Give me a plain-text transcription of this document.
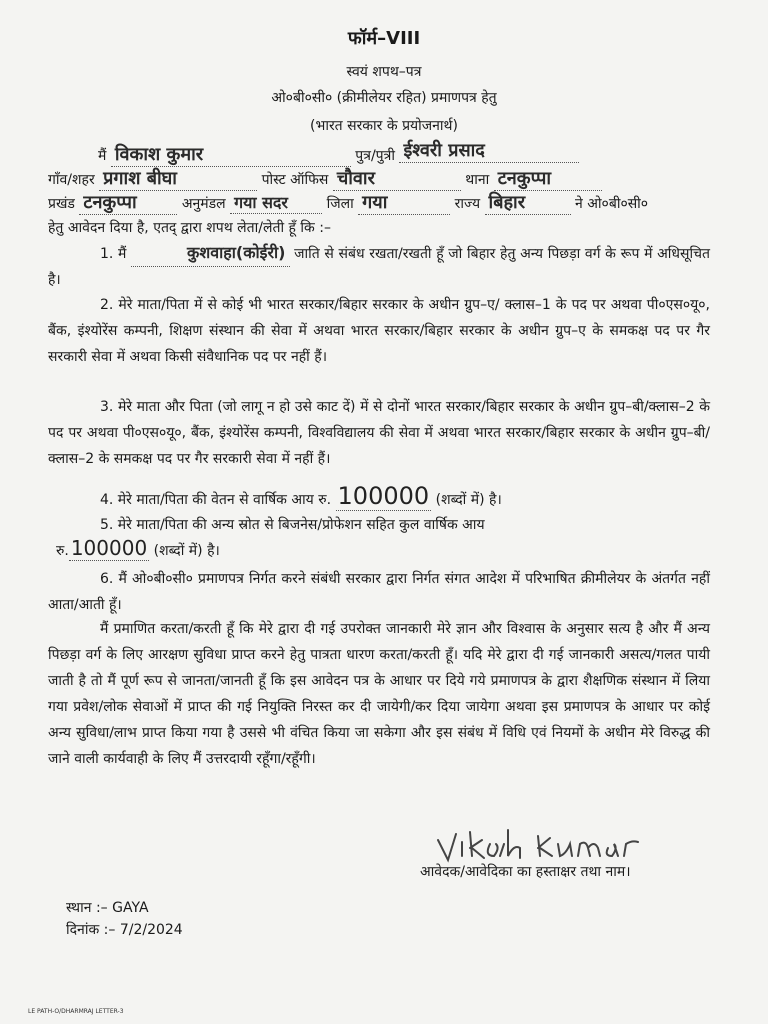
फॉर्म–VIII
स्वयं शपथ–पत्र
ओ०बी०सी० (क्रीमीलेयर रहित) प्रमाणपत्र हेतु
(भारत सरकार के प्रयोजनार्थ)
मैं विकाश कुमार	पुत्र/पुत्री ईश्वरी प्रसाद
गाँव/शहर प्रगाश बीघा	पोस्ट ऑफिस चौवार	थाना टनकुप्पा
प्रखंड टनकुप्पा	अनुमंडल गया सदर	जिला गया	राज्य बिहार	ने ओ०बी०सी०
हेतु आवेदन दिया है, एतद् द्वारा शपथ लेता/लेती हूँ कि :–
1. मैं	कुशवाहा(कोईरी) जाति से संबंध रखता/रखती हूँ जो बिहार हेतु अन्य पिछड़ा वर्ग के रूप में अधिसूचित है।
2. मेरे माता/पिता में से कोई भी भारत सरकार/बिहार सरकार के अधीन ग्रुप–ए/ क्लास–1 के पद पर अथवा पी०एस०यू०, बैंक, इंश्योरेंस कम्पनी, शिक्षण संस्थान की सेवा में अथवा भारत सरकार/बिहार सरकार के अधीन ग्रुप–ए के समकक्ष पद पर गैर सरकारी सेवा में अथवा किसी संवैधानिक पद पर नहीं हैं।
3. मेरे माता और पिता (जो लागू न हो उसे काट दें) में से दोनों भारत सरकार/बिहार सरकार के अधीन ग्रुप–बी/क्लास–2 के पद पर अथवा पी०एस०यू०, बैंक, इंश्योरेंस कम्पनी, विश्वविद्यालय की सेवा में अथवा भारत सरकार/बिहार सरकार के अधीन ग्रुप–बी/क्लास–2 के समकक्ष पद पर गैर सरकारी सेवा में नहीं हैं।
4. मेरे माता/पिता की वेतन से वार्षिक आय रु. 100000 (शब्दों में) है।
5. मेरे माता/पिता की अन्य स्रोत से बिजनेस/प्रोफेशन सहित कुल वार्षिक आय
रु. 100000 (शब्दों में) है।
6. मैं ओ०बी०सी० प्रमाणपत्र निर्गत करने संबंधी सरकार द्वारा निर्गत संगत आदेश में परिभाषित क्रीमीलेयर के अंतर्गत नहीं आता/आती हूँ।
मैं प्रमाणित करता/करती हूँ कि मेरे द्वारा दी गई उपरोक्त जानकारी मेरे ज्ञान और विश्वास के अनुसार सत्य है और मैं अन्य पिछड़ा वर्ग के लिए आरक्षण सुविधा प्राप्त करने हेतु पात्रता धारण करता/करती हूँ। यदि मेरे द्वारा दी गई जानकारी असत्य/गलत पायी जाती है तो मैं पूर्ण रूप से जानता/जानती हूँ कि इस आवेदन पत्र के आधार पर दिये गये प्रमाणपत्र के द्वारा शैक्षणिक संस्थान में लिया गया प्रवेश/लोक सेवाओं में प्राप्त की गई नियुक्ति निरस्त कर दी जायेगी/कर दिया जायेगा अथवा इस प्रमाणपत्र के आधार पर कोई अन्य सुविधा/लाभ प्राप्त किया गया है उससे भी वंचित किया जा सकेगा और इस संबंध में विधि एवं नियमों के अधीन मेरे विरुद्ध की जाने वाली कार्यवाही के लिए मैं उत्तरदायी रहूँगा/रहूँगी।
आवेदक/आवेदिका का हस्ताक्षर तथा नाम।
स्थान :– GAYA
दिनांक :– 7/2/2024
LE PATH-O/DHARMRAJ LETTER-3
